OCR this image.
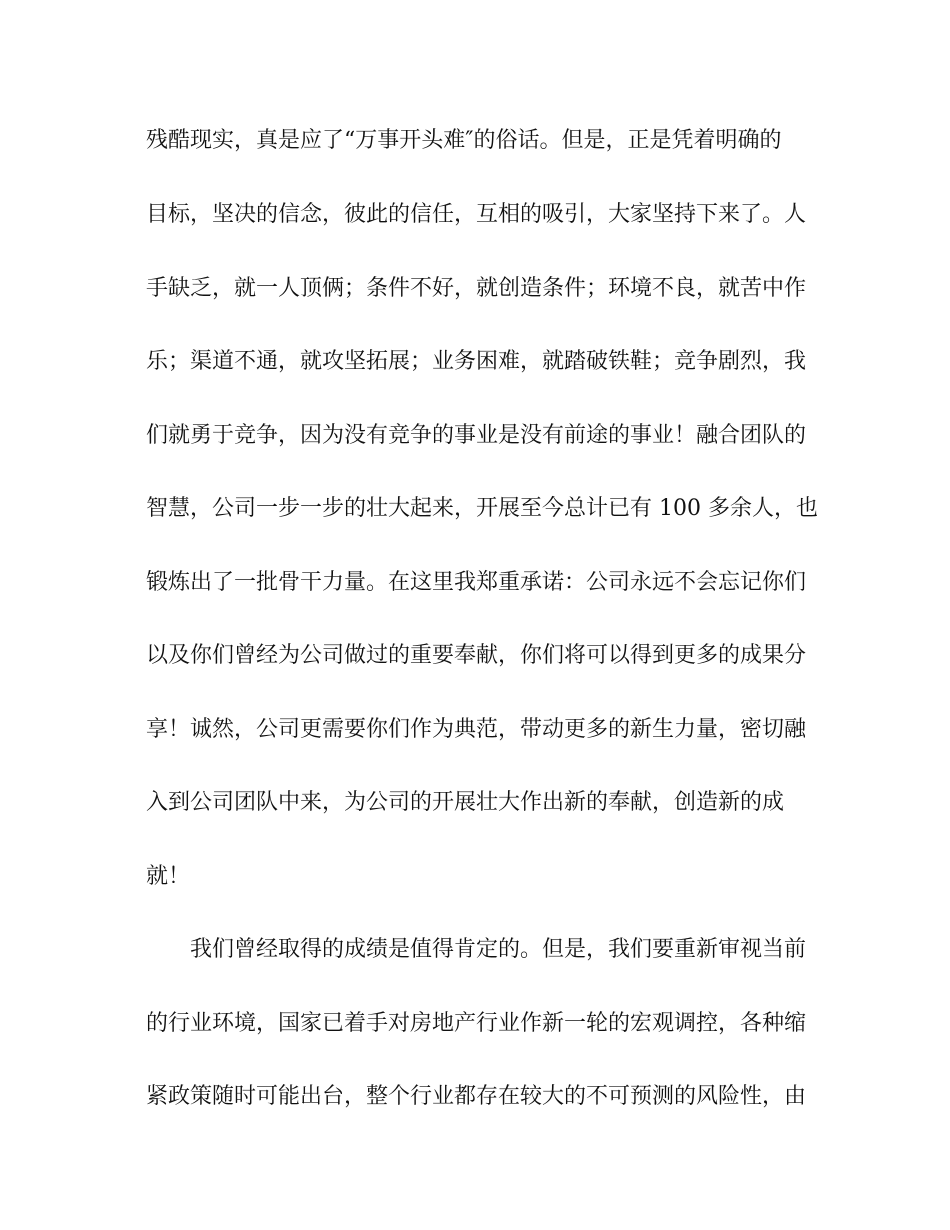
残酷现实，真是应了“万事开头难″的俗话。但是，正是凭着明确的
目标，坚决的信念，彼此的信任，互相的吸引，大家坚持下来了。人
手缺乏，就一人顶俩；条件不好，就创造条件；环境不良，就苦中作
乐；渠道不通，就攻坚拓展；业务困难，就踏破铁鞋；竞争剧烈，我
们就勇于竞争，因为没有竞争的事业是没有前途的事业！融合团队的
智慧，公司一步一步的壮大起来，开展至今总计已有 100 多余人，也
锻炼出了一批骨干力量。在这里我郑重承诺：公司永远不会忘记你们
以及你们曾经为公司做过的重要奉献，你们将可以得到更多的成果分
享！诚然，公司更需要你们作为典范，带动更多的新生力量，密切融
入到公司团队中来，为公司的开展壮大作出新的奉献，创造新的成
就！
我们曾经取得的成绩是值得肯定的。但是，我们要重新审视当前
的行业环境，国家已着手对房地产行业作新一轮的宏观调控，各种缩
紧政策随时可能出台，整个行业都存在较大的不可预测的风险性，由
